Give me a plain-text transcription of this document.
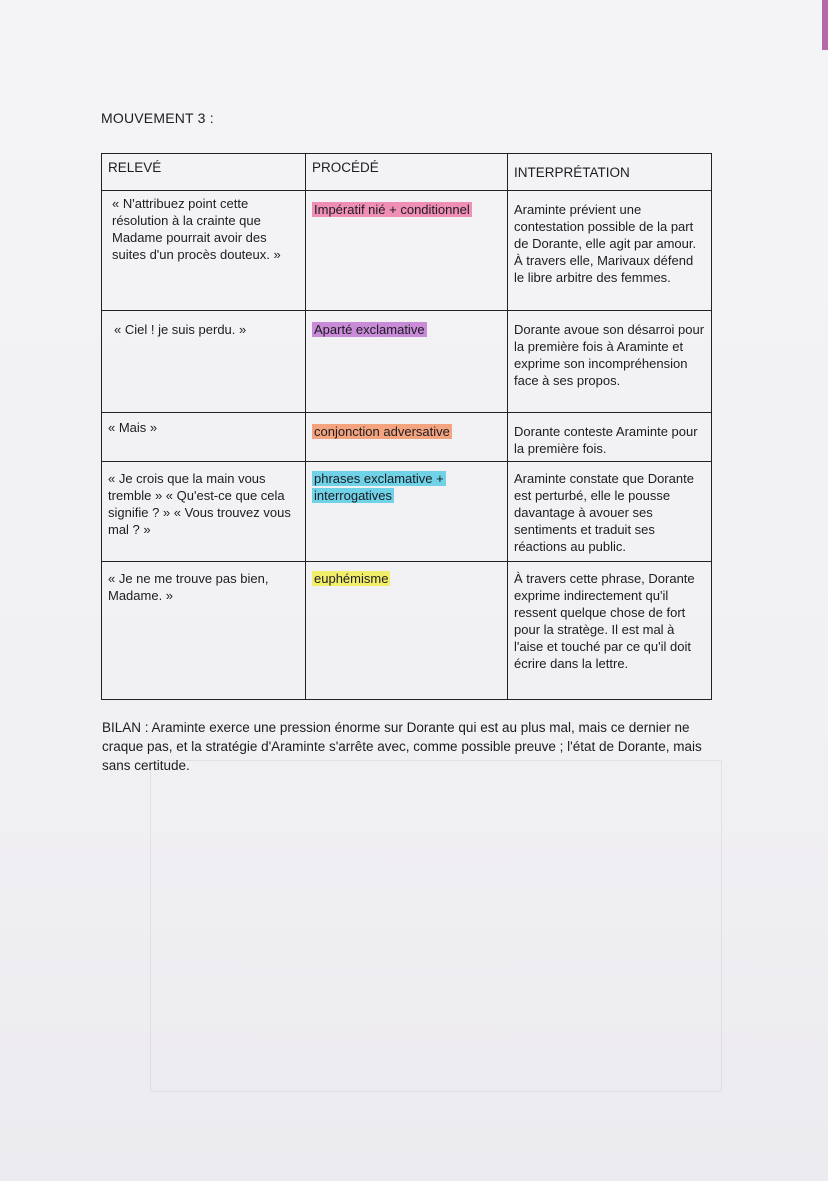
MOUVEMENT 3 :
RELEVÉ	PROCÉDÉ	INTERPRÉTATION
« N'attribuez point cette résolution à la crainte que Madame pourrait avoir des suites d'un procès douteux. »	Impératif nié + conditionnel	Araminte prévient une contestation possible de la part de Dorante, elle agit par amour. À travers elle, Marivaux défend le libre arbitre des femmes.
« Ciel ! je suis perdu. »	Aparté exclamative	Dorante avoue son désarroi pour la première fois à Araminte et exprime son incompréhension face à ses propos.
« Mais »	conjonction adversative	Dorante conteste Araminte pour la première fois.
« Je crois que la main vous tremble » « Qu'est-ce que cela signifie ? » « Vous trouvez vous mal ? »	phrases exclamative + interrogatives	Araminte constate que Dorante est perturbé, elle le pousse davantage à avouer ses sentiments et traduit ses réactions au public.
« Je ne me trouve pas bien, Madame. »	euphémisme	À travers cette phrase, Dorante exprime indirectement qu'il ressent quelque chose de fort pour la stratège. Il est mal à l'aise et touché par ce qu'il doit écrire dans la lettre.
BILAN : Araminte exerce une pression énorme sur Dorante qui est au plus mal, mais ce dernier ne craque pas, et la stratégie d'Araminte s'arrête avec, comme possible preuve ; l'état de Dorante, mais sans certitude.
